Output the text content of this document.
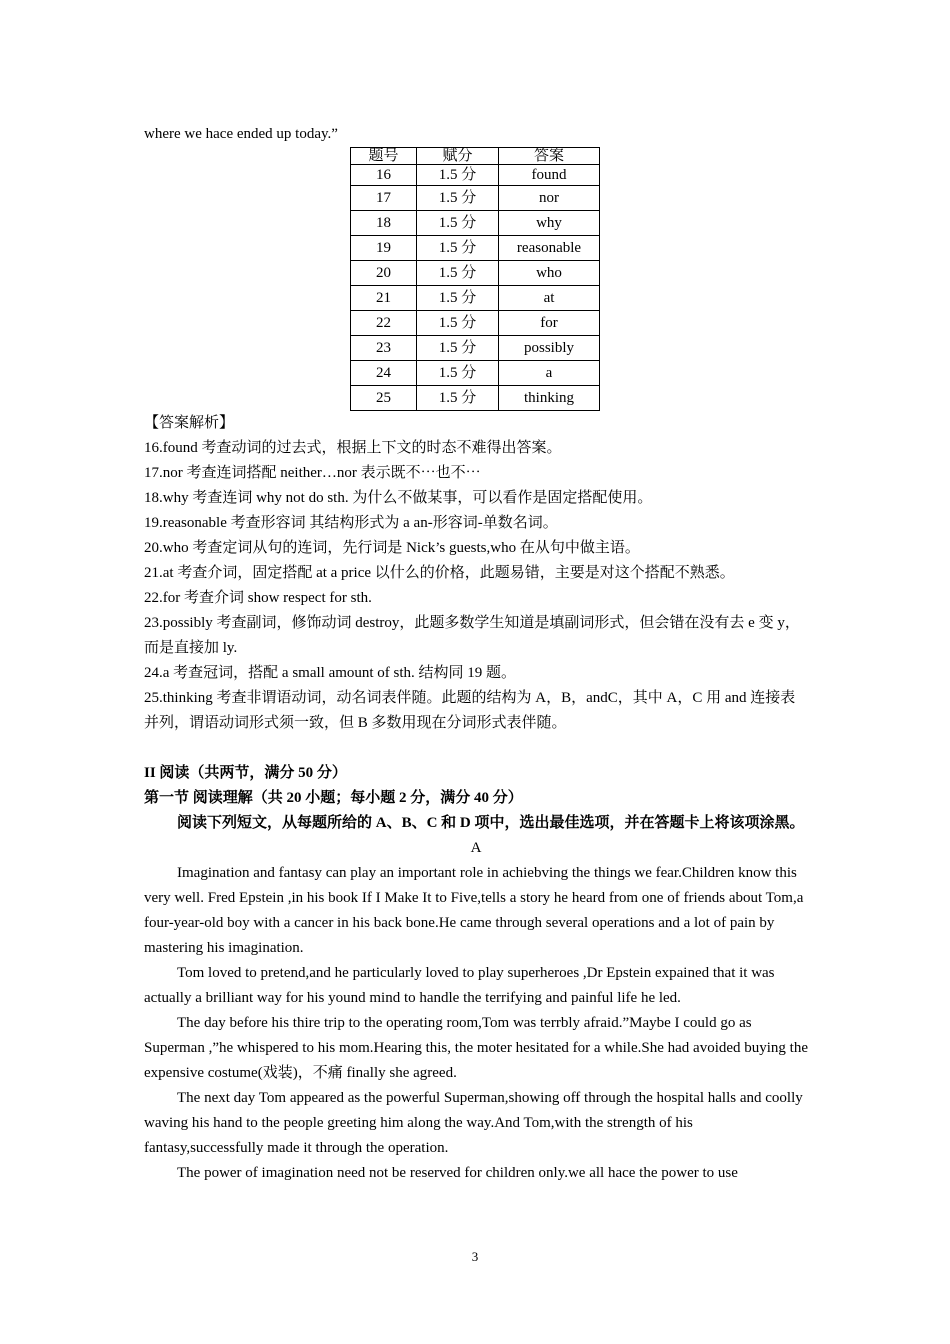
where we hace ended up today.”

题号	赋分	答案
16	1.5 分	found
17	1.5 分	nor
18	1.5 分	why
19	1.5 分	reasonable
20	1.5 分	who
21	1.5 分	at
22	1.5 分	for
23	1.5 分	possibly
24	1.5 分	a
25	1.5 分	thinking

【答案解析】

16.found 考查动词的过去式，根据上下文的时态不难得出答案。

17.nor 考查连词搭配 neither…nor 表示既不⋯也不⋯

18.why 考查连词 why not do sth. 为什么不做某事，可以看作是固定搭配使用。

19.reasonable 考查形容词 其结构形式为 a an-形容词-单数名词。

20.who 考查定词从句的连词，先行词是 Nick’s guests,who 在从句中做主语。

21.at 考查介词，固定搭配 at a price 以什么的价格，此题易错，主要是对这个搭配不熟悉。

22.for 考查介词 show respect for sth.

23.possibly 考查副词，修饰动词 destroy，此题多数学生知道是填副词形式，但会错在没有去 e 变 y，而是直接加 ly.

24.a 考查冠词，搭配 a small amount of sth. 结构同 19 题。

25.thinking 考查非谓语动词，动名词表伴随。此题的结构为 A，B，andC，其中 A，C 用 and 连接表并列，谓语动词形式须一致，但 B 多数用现在分词形式表伴随。

II 阅读（共两节，满分 50 分）

第一节 阅读理解（共 20 小题；每小题 2 分，满分 40 分）

阅读下列短文，从每题所给的 A、B、C 和 D 项中，选出最佳选项，并在答题卡上将该项涂黑。

A

Imagination and fantasy can play an important role in achiebving the things we fear.Children know this very well. Fred Epstein ,in his book If I Make It to Five,tells a story he heard from one of friends about Tom,a four-year-old boy with a cancer in his back bone.He came through several operations and a lot of pain by mastering his imagination.

Tom loved to pretend,and he particularly loved to play superheroes ,Dr Epstein expained that it was actually a brilliant way for his yound mind to handle the terrifying and painful life he led.

The day before his thire trip to the operating room,Tom was terrbly afraid.”Maybe I could go as Superman ,”he whispered to his mom.Hearing this, the moter hesitated for a while.She had avoided buying the expensive costume(戏装)，不痛 finally she agreed.

The next day Tom appeared as the powerful Superman,showing off through the hospital halls and coolly waving his hand to the people greeting him along the way.And Tom,with the strength of his fantasy,successfully made it through the operation.

The power of imagination need not be reserved for children only.we all hace the power to use

3
